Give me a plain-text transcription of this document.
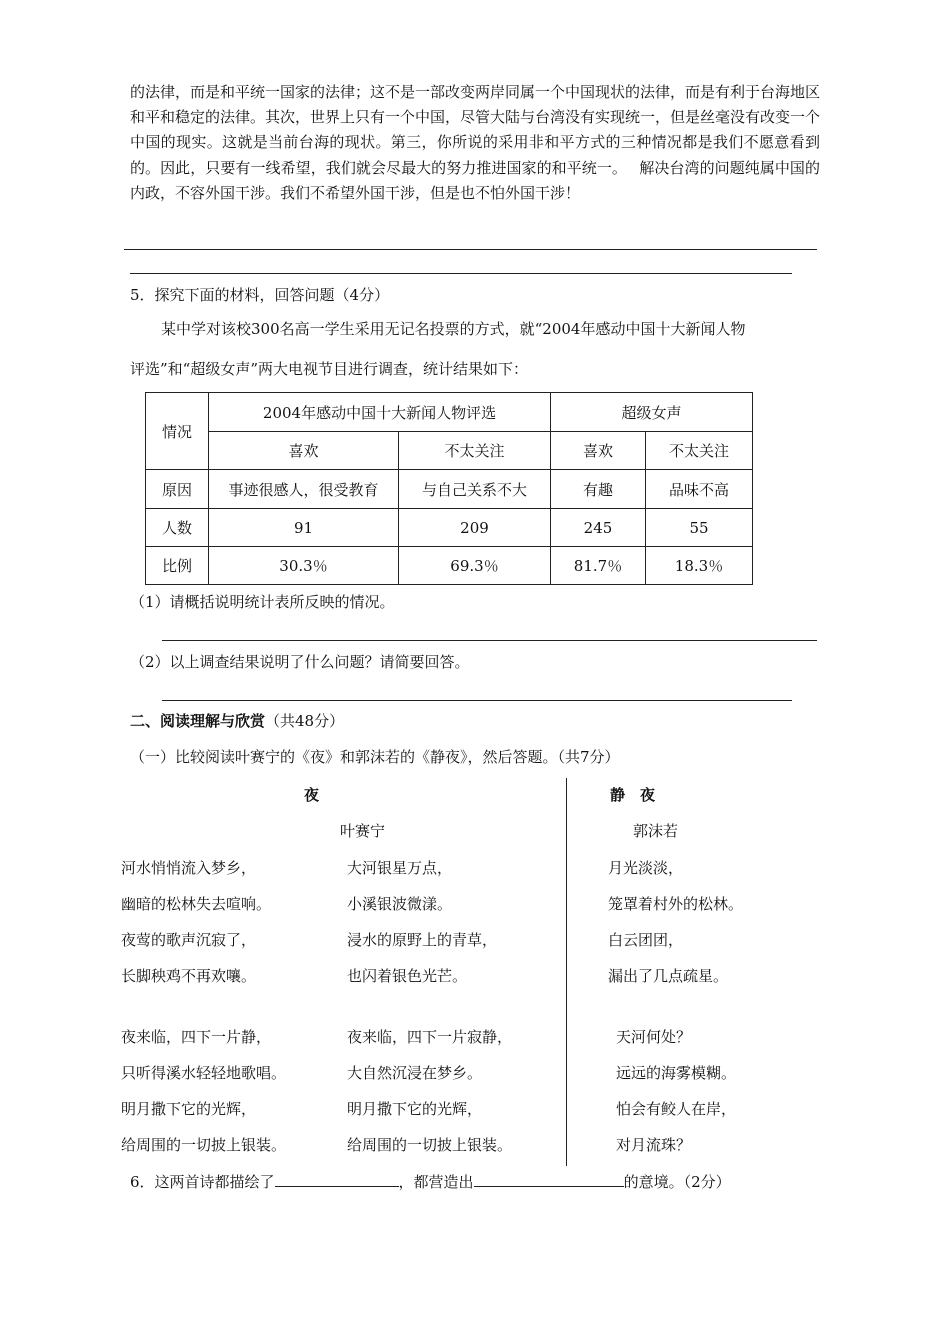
的法律，而是和平统一国家的法律；这不是一部改变两岸同属一个中国现状的法律，而是有利于台海地区和平和稳定的法律。其次，世界上只有一个中国，尽管大陆与台湾没有实现统一，但是丝毫没有改变一个中国的现实。这就是当前台海的现状。第三，你所说的采用非和平方式的三种情况都是我们不愿意看到的。因此，只要有一线希望，我们就会尽最大的努力推进国家的和平统一。　 解决台湾的问题纯属中国的内政，不容外国干涉。我们不希望外国干涉，但是也不怕外国干涉！
5．探究下面的材料，回答问题（4分）
某中学对该校300名高一学生采用无记名投票的方式，就“2004年感动中国十大新闻人物
评选”和“超级女声”两大电视节目进行调查，统计结果如下：
情况	2004年感动中国十大新闻人物评选		超级女声	
	喜欢	不太关注	喜欢	不太关注
原因	事迹很感人，很受教育	与自己关系不大	有趣	品味不高
人数	91	209	245	55
比例	30.3％	69.3％	81.7％	18.3％
（1）请概括说明统计表所反映的情况。
（2）以上调查结果说明了什么问题？请简要回答。
二、阅读理解与欣赏（共48分）
（一）比较阅读叶赛宁的《夜》和郭沫若的《静夜》，然后答题。（共7分）
夜
叶赛宁
河水悄悄流入梦乡，
幽暗的松林失去喧响。
夜莺的歌声沉寂了，
长脚秧鸡不再欢嚷。
夜来临，四下一片静，
只听得溪水轻轻地歌唱。
明月撒下它的光辉，
给周围的一切披上银装。
大河银星万点，
小溪银波微漾。
浸水的原野上的青草，
也闪着银色光芒。
夜来临，四下一片寂静，
大自然沉浸在梦乡。
明月撒下它的光辉，
给周围的一切披上银装。
静　夜
郭沫若
月光淡淡，
笼罩着村外的松林。
白云团团，
漏出了几点疏星。
天河何处？
远远的海雾模糊。
怕会有鲛人在岸，
对月流珠？
6．这两首诗都描绘了	，都营造出	的意境。（2分）
